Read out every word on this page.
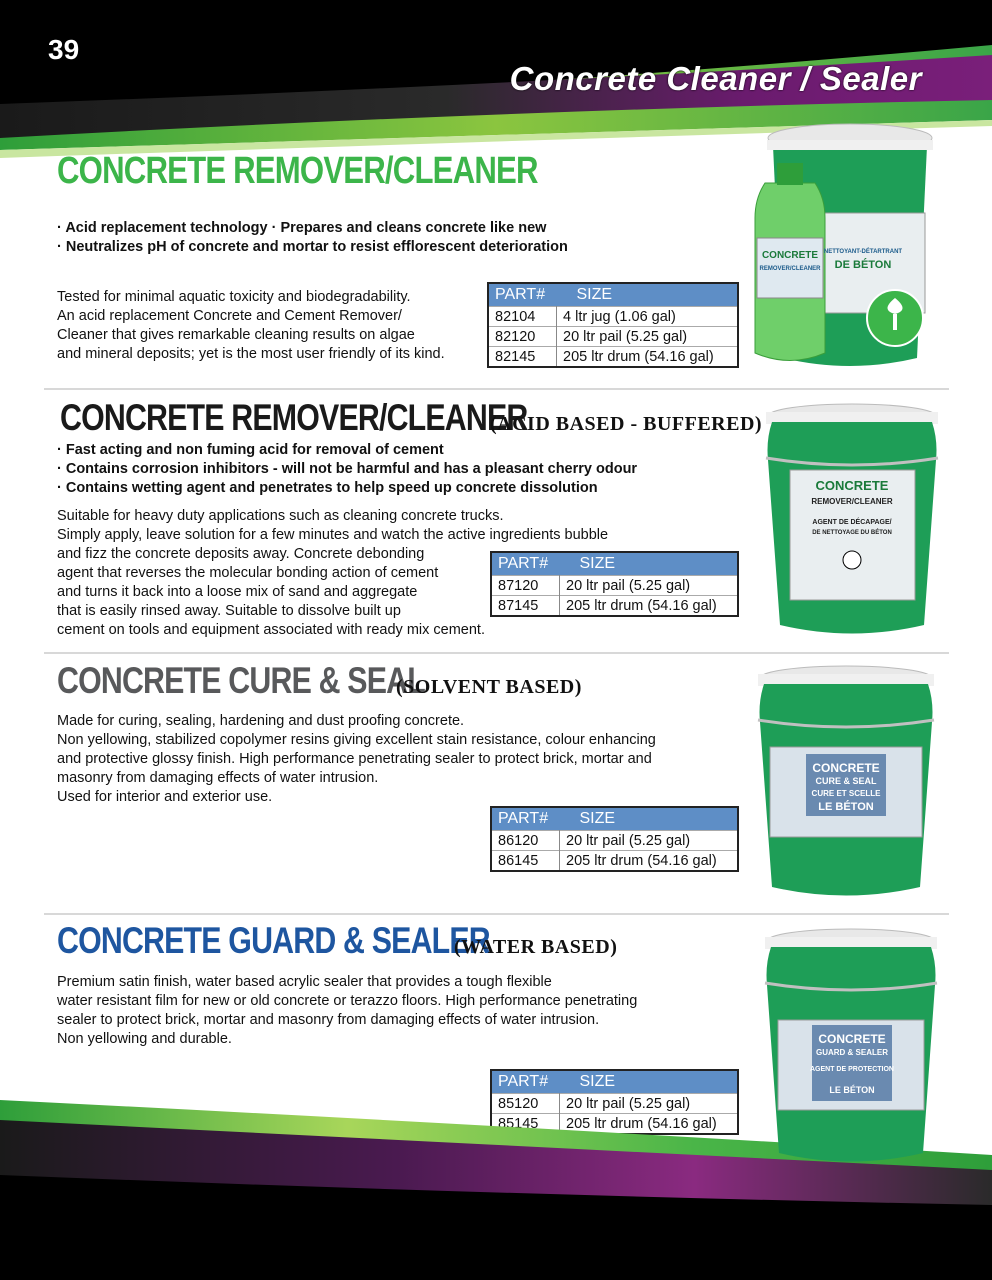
39
Concrete Cleaner / Sealer
CONCRETE REMOVER/CLEANER
· Acid replacement technology · Prepares and cleans concrete like new
· Neutralizes pH of concrete and mortar to resist efflorescent deterioration
Tested for minimal aquatic toxicity and biodegradability.
An acid replacement Concrete and Cement Remover/
Cleaner that gives remarkable cleaning results on algae
and mineral deposits; yet is the most user friendly of its kind.
PART#	SIZE
82104	4 ltr jug (1.06 gal)
82120	20 ltr pail (5.25 gal)
82145	205 ltr drum (54.16 gal)
CONCRETE
REMOVER/CLEANER
NETTOYANT-DÉTARTRANT
DE BÉTON
CONCRETE REMOVER/CLEANER(ACID BASED - BUFFERED)
· Fast acting and non fuming acid for removal of cement
· Contains corrosion inhibitors - will not be harmful and has a pleasant cherry odour
· Contains wetting agent and penetrates to help speed up concrete dissolution
Suitable for heavy duty applications such as cleaning concrete trucks.
Simply apply, leave solution for a few minutes and watch the active ingredients bubble
and fizz the concrete deposits away. Concrete debonding
agent that reverses the molecular bonding action of cement
and turns it back into a loose mix of sand and aggregate
that is easily rinsed away. Suitable to dissolve built up
cement on tools and equipment associated with ready mix cement.
PART#	SIZE
87120	20 ltr pail (5.25 gal)
87145	205 ltr drum (54.16 gal)
CONCRETE
REMOVER/CLEANER
AGENT DE DÉCAPAGE/
DE NETTOYAGE DU BÉTON
CONCRETE CURE & SEAL(SOLVENT BASED)
Made for curing, sealing, hardening and dust proofing concrete.
Non yellowing, stabilized copolymer resins giving excellent stain resistance, colour enhancing
and protective glossy finish. High performance penetrating sealer to protect brick, mortar and
masonry from damaging effects of water intrusion.
Used for interior and exterior use.
PART#	SIZE
86120	20 ltr pail (5.25 gal)
86145	205 ltr drum (54.16 gal)
CONCRETE
CURE & SEAL
CURE ET SCELLE
LE BÉTON
CONCRETE GUARD & SEALER(WATER BASED)
Premium satin finish, water based acrylic sealer that provides a tough flexible
water resistant film for new or old concrete or terazzo floors. High performance penetrating
sealer to protect brick, mortar and masonry from damaging effects of water intrusion.
Non yellowing and durable.
PART#	SIZE
85120	20 ltr pail (5.25 gal)
85145	205 ltr drum (54.16 gal)
CONCRETE
GUARD & SEALER
AGENT DE PROTECTION
LE BÉTON
